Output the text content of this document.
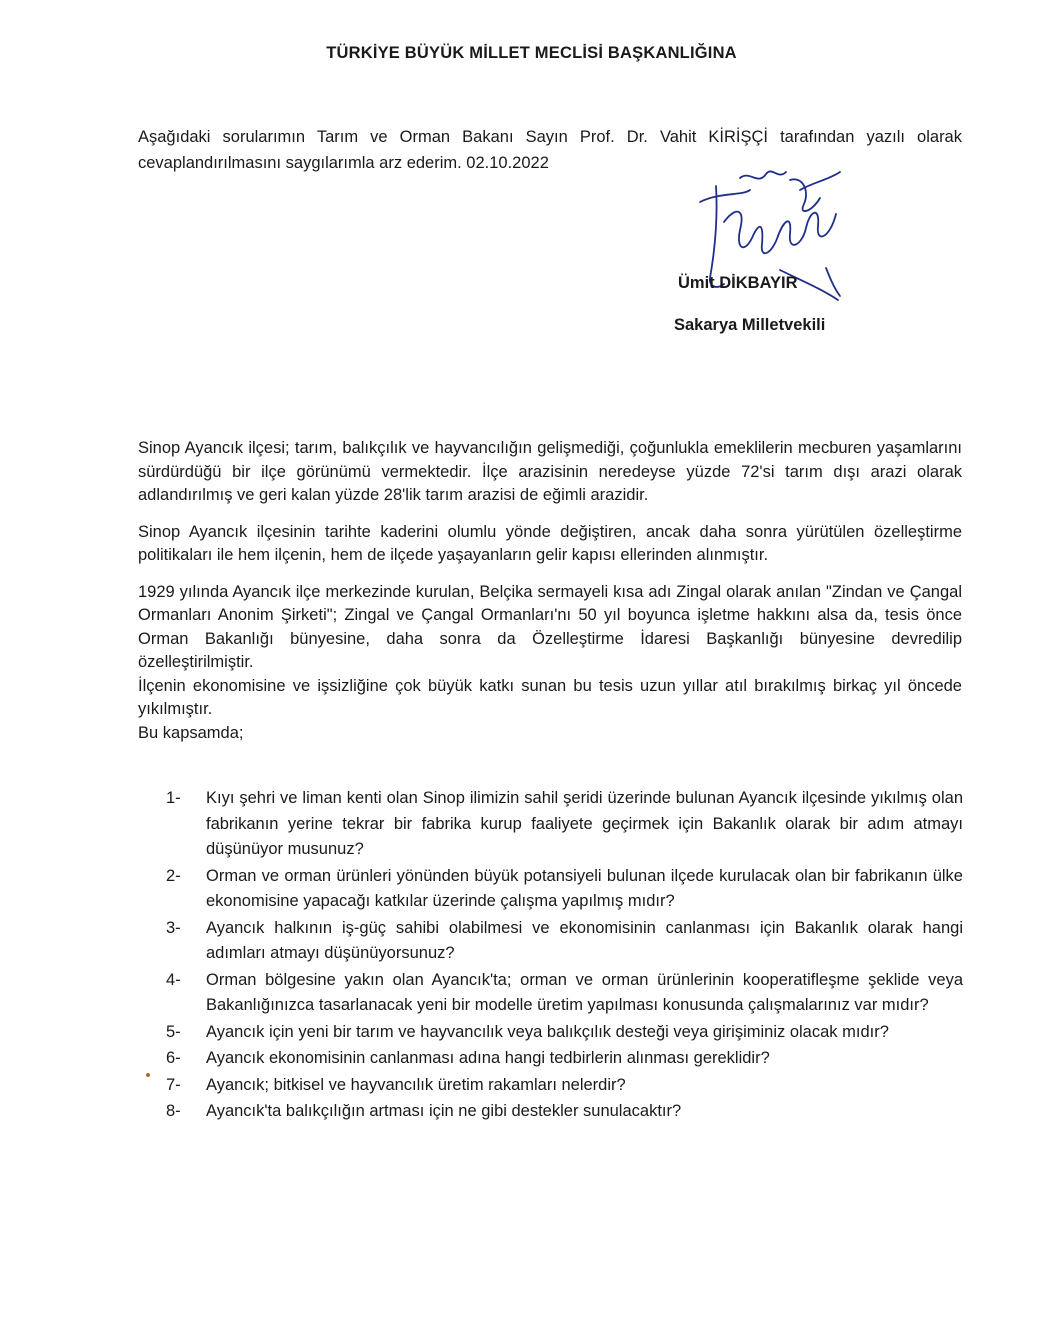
TÜRKİYE BÜYÜK MİLLET MECLİSİ BAŞKANLIĞINA
Aşağıdaki sorularımın Tarım ve Orman Bakanı Sayın Prof. Dr. Vahit KİRİŞÇİ tarafından yazılı olarak cevaplandırılmasını saygılarımla arz ederim. 02.10.2022
Ümit DİKBAYIR
Sakarya Milletvekili

Sinop Ayancık ilçesi; tarım, balıkçılık ve hayvancılığın gelişmediği, çoğunlukla emeklilerin mecburen yaşamlarını sürdürdüğü bir ilçe görünümü vermektedir. İlçe arazisinin neredeyse yüzde 72'si tarım dışı arazi olarak adlandırılmış ve geri kalan yüzde 28'lik tarım arazisi de eğimli arazidir.

Sinop Ayancık ilçesinin tarihte kaderini olumlu yönde değiştiren, ancak daha sonra yürütülen özelleştirme politikaları ile hem ilçenin, hem de ilçede yaşayanların gelir kapısı ellerinden alınmıştır.

1929 yılında Ayancık ilçe merkezinde kurulan, Belçika sermayeli kısa adı Zingal olarak anılan "Zindan ve Çangal Ormanları Anonim Şirketi"; Zingal ve Çangal Ormanları'nı 50 yıl boyunca işletme hakkını alsa da, tesis önce Orman Bakanlığı bünyesine, daha sonra da Özelleştirme İdaresi Başkanlığı bünyesine devredilip özelleştirilmiştir.

İlçenin ekonomisine ve işsizliğine çok büyük katkı sunan bu tesis uzun yıllar atıl bırakılmış birkaç yıl öncede yıkılmıştır.

Bu kapsamda;

1-	Kıyı şehri ve liman kenti olan Sinop ilimizin sahil şeridi üzerinde bulunan Ayancık ilçesinde yıkılmış olan fabrikanın yerine tekrar bir fabrika kurup faaliyete geçirmek için Bakanlık olarak bir adım atmayı düşünüyor musunuz?
2-	Orman ve orman ürünleri yönünden büyük potansiyeli bulunan ilçede kurulacak olan bir fabrikanın ülke ekonomisine yapacağı katkılar üzerinde çalışma yapılmış mıdır?
3-	Ayancık halkının iş-güç sahibi olabilmesi ve ekonomisinin canlanması için Bakanlık olarak hangi adımları atmayı düşünüyorsunuz?
4-	Orman bölgesine yakın olan Ayancık'ta; orman ve orman ürünlerinin kooperatifleşme şeklide veya Bakanlığınızca tasarlanacak yeni bir modelle üretim yapılması konusunda çalışmalarınız var mıdır?
5-	Ayancık için yeni bir tarım ve hayvancılık veya balıkçılık desteği veya girişiminiz olacak mıdır?
6-	Ayancık ekonomisinin canlanması adına hangi tedbirlerin alınması gereklidir?
7-	Ayancık; bitkisel ve hayvancılık üretim rakamları nelerdir?
8-	Ayancık'ta balıkçılığın artması için ne gibi destekler sunulacaktır?
